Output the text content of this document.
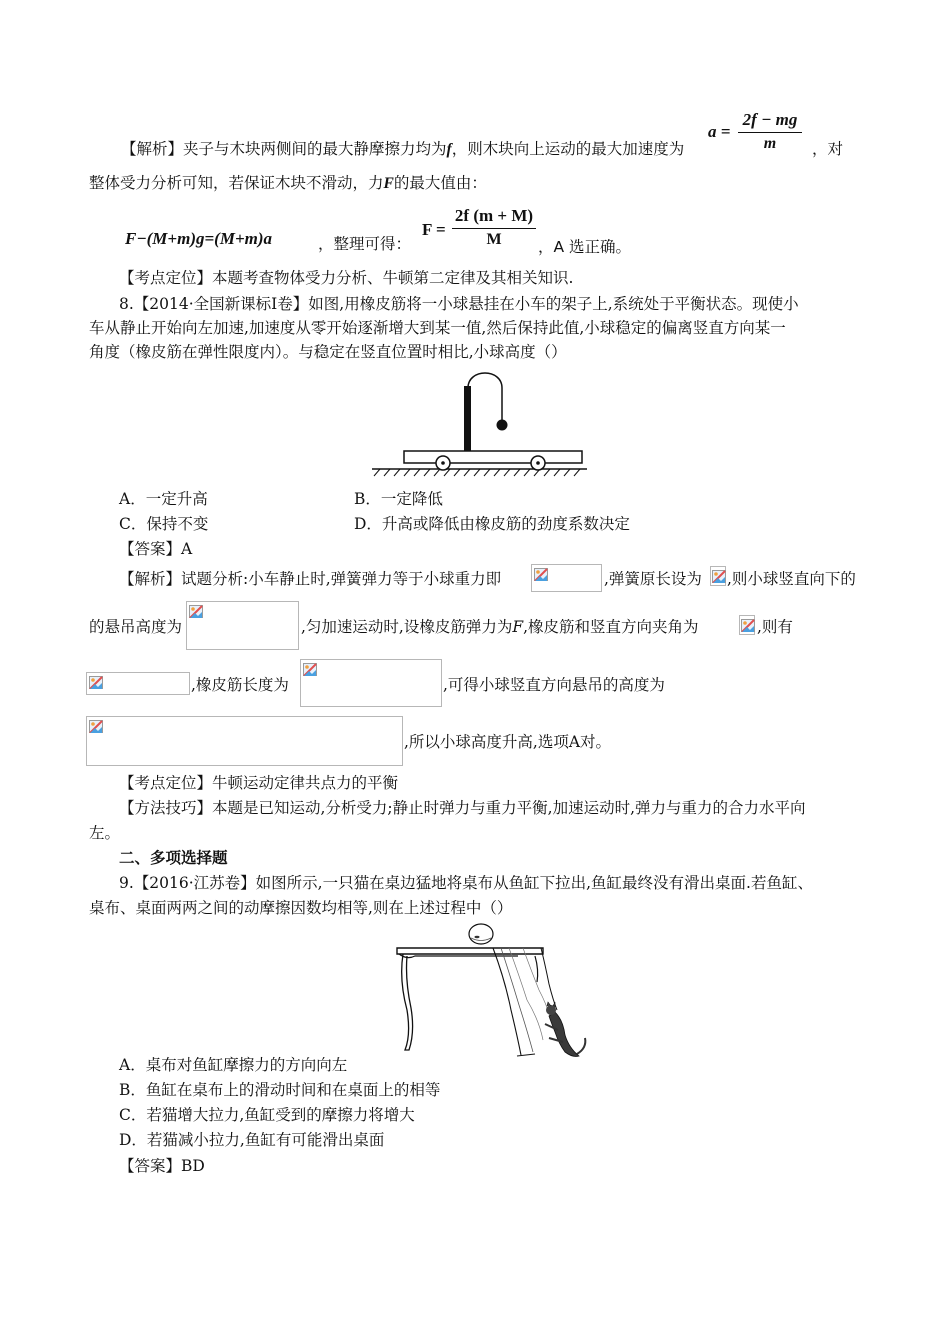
【解析】夹子与木块两侧间的最大静摩擦力均为f，则木块向上运动的最大加速度为
$a = \frac{2f - mg}{m}$ ，对
整体受力分析可知，若保证木块不滑动，力F的最大值由：
F−(M+m)g=(M+m)a	，整理可得：
$F = \frac{2f (m + M)}{M}$ ，A 选正确。
【考点定位】本题考查物体受力分析、牛顿第二定律及其相关知识.
8.【2014·全国新课标Ⅰ卷】如图,用橡皮筋将一小球悬挂在小车的架子上,系统处于平衡状态。现使小
车从静止开始向左加速,加速度从零开始逐渐增大到某一值,然后保持此值,小球稳定的偏离竖直方向某一
角度（橡皮筋在弹性限度内）。与稳定在竖直位置时相比,小球高度（）
A．一定升高	B．一定降低
C．保持不变	D．升高或降低由橡皮筋的劲度系数决定
【答案】A
【解析】试题分析:小车静止时,弹簧弹力等于小球重力即	,弹簧原长设为 ,则小球竖直向下的
的悬吊高度为	,匀加速运动时,设橡皮筋弹力为F,橡皮筋和竖直方向夹角为	,则有
,橡皮筋长度为	,可得小球竖直方向悬吊的高度为
,所以小球高度升高,选项A对。
【考点定位】牛顿运动定律共点力的平衡
【方法技巧】本题是已知运动,分析受力;静止时弹力与重力平衡,加速运动时,弹力与重力的合力水平向
左。
二、多项选择题
9.【2016·江苏卷】如图所示,一只猫在桌边猛地将桌布从鱼缸下拉出,鱼缸最终没有滑出桌面.若鱼缸、
桌布、桌面两两之间的动摩擦因数均相等,则在上述过程中（）
A．桌布对鱼缸摩擦力的方向向左
B．鱼缸在桌布上的滑动时间和在桌面上的相等
C．若猫增大拉力,鱼缸受到的摩擦力将增大
D．若猫减小拉力,鱼缸有可能滑出桌面
【答案】BD
